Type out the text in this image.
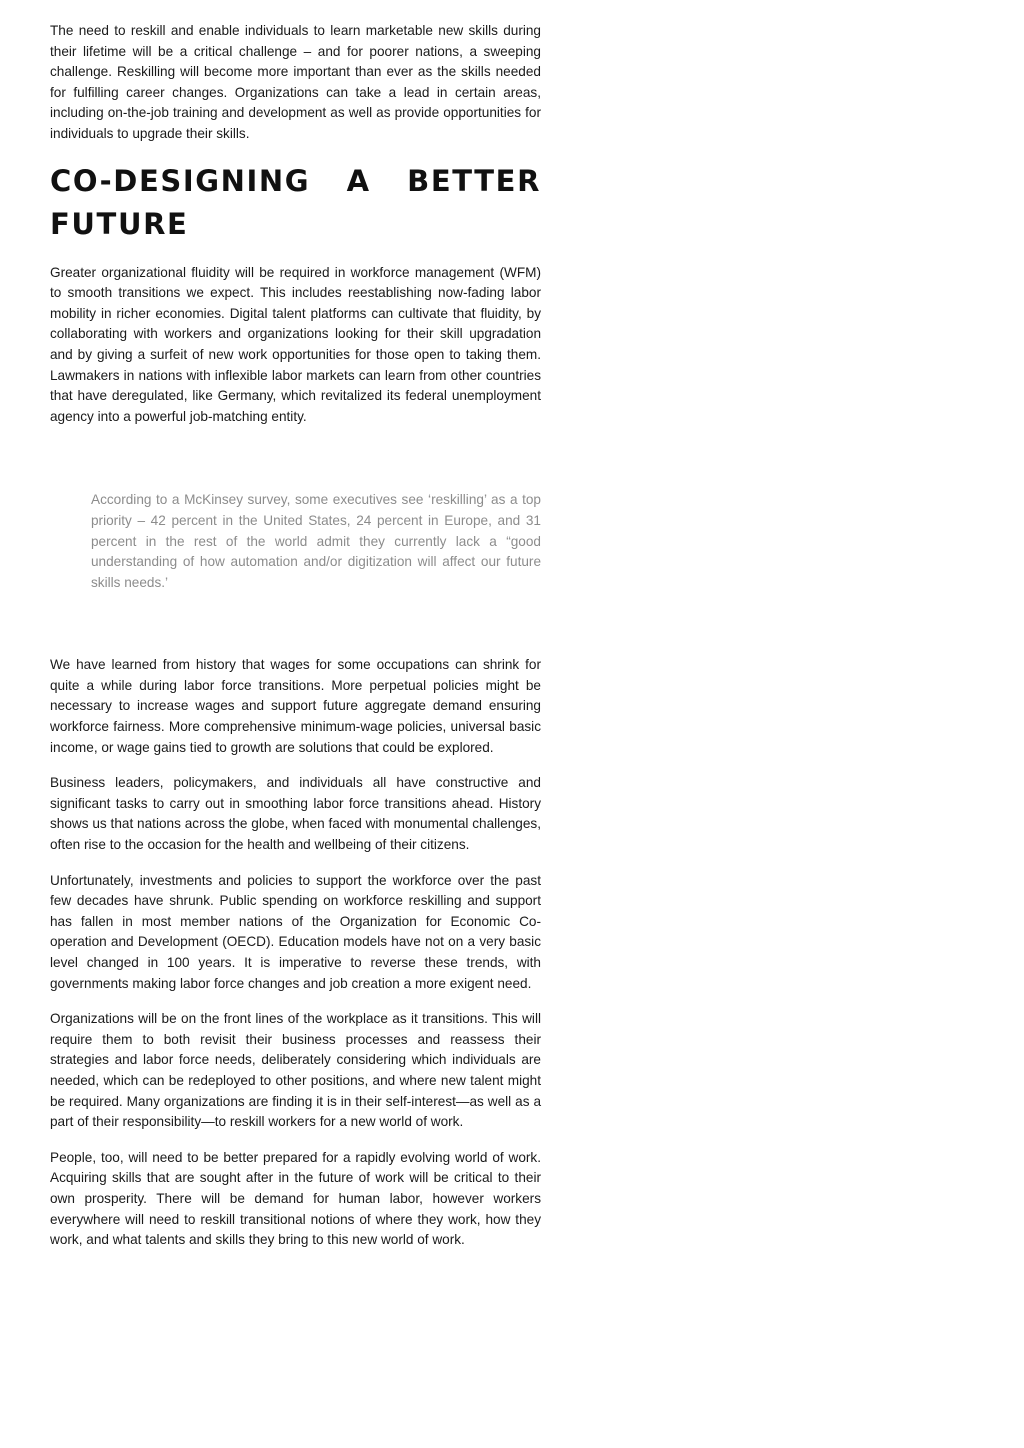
The need to reskill and enable individuals to learn marketable new skills during their lifetime will be a critical challenge – and for poorer nations, a sweeping challenge. Reskilling will become more important than ever as the skills needed for fulfilling career changes. Organizations can take a lead in certain areas, including on-the-job training and development as well as provide opportunities for individuals to upgrade their skills.

CO-DESIGNING A BETTER FUTURE

Greater organizational fluidity will be required in workforce management (WFM) to smooth transitions we expect. This includes reestablishing now-fading labor mobility in richer economies. Digital talent platforms can cultivate that fluidity, by collaborating with workers and organizations looking for their skill upgradation and by giving a surfeit of new work opportunities for those open to taking them. Lawmakers in nations with inflexible labor markets can learn from other countries that have deregulated, like Germany, which revitalized its federal unemployment agency into a powerful job-matching entity.

According to a McKinsey survey, some executives see ‘reskilling’ as a top priority – 42 percent in the United States, 24 percent in Europe, and 31 percent in the rest of the world admit they currently lack a “good understanding of how automation and/or digitization will affect our future skills needs.’

We have learned from history that wages for some occupations can shrink for quite a while during labor force transitions. More perpetual policies might be necessary to increase wages and support future aggregate demand ensuring workforce fairness. More comprehensive minimum-wage policies, universal basic income, or wage gains tied to growth are solutions that could be explored.

Business leaders, policymakers, and individuals all have constructive and significant tasks to carry out in smoothing labor force transitions ahead. History shows us that nations across the globe, when faced with monumental challenges, often rise to the occasion for the health and wellbeing of their citizens.

Unfortunately, investments and policies to support the workforce over the past few decades have shrunk. Public spending on workforce reskilling and support has fallen in most member nations of the Organization for Economic Co-operation and Development (OECD). Education models have not on a very basic level changed in 100 years. It is imperative to reverse these trends, with governments making labor force changes and job creation a more exigent need.

Organizations will be on the front lines of the workplace as it transitions. This will require them to both revisit their business processes and reassess their strategies and labor force needs, deliberately considering which individuals are needed, which can be redeployed to other positions, and where new talent might be required. Many organizations are finding it is in their self-interest—as well as a part of their responsibility—to reskill workers for a new world of work.

People, too, will need to be better prepared for a rapidly evolving world of work. Acquiring skills that are sought after in the future of work will be critical to their own prosperity. There will be demand for human labor, however workers everywhere will need to reskill transitional notions of where they work, how they work, and what talents and skills they bring to this new world of work.
